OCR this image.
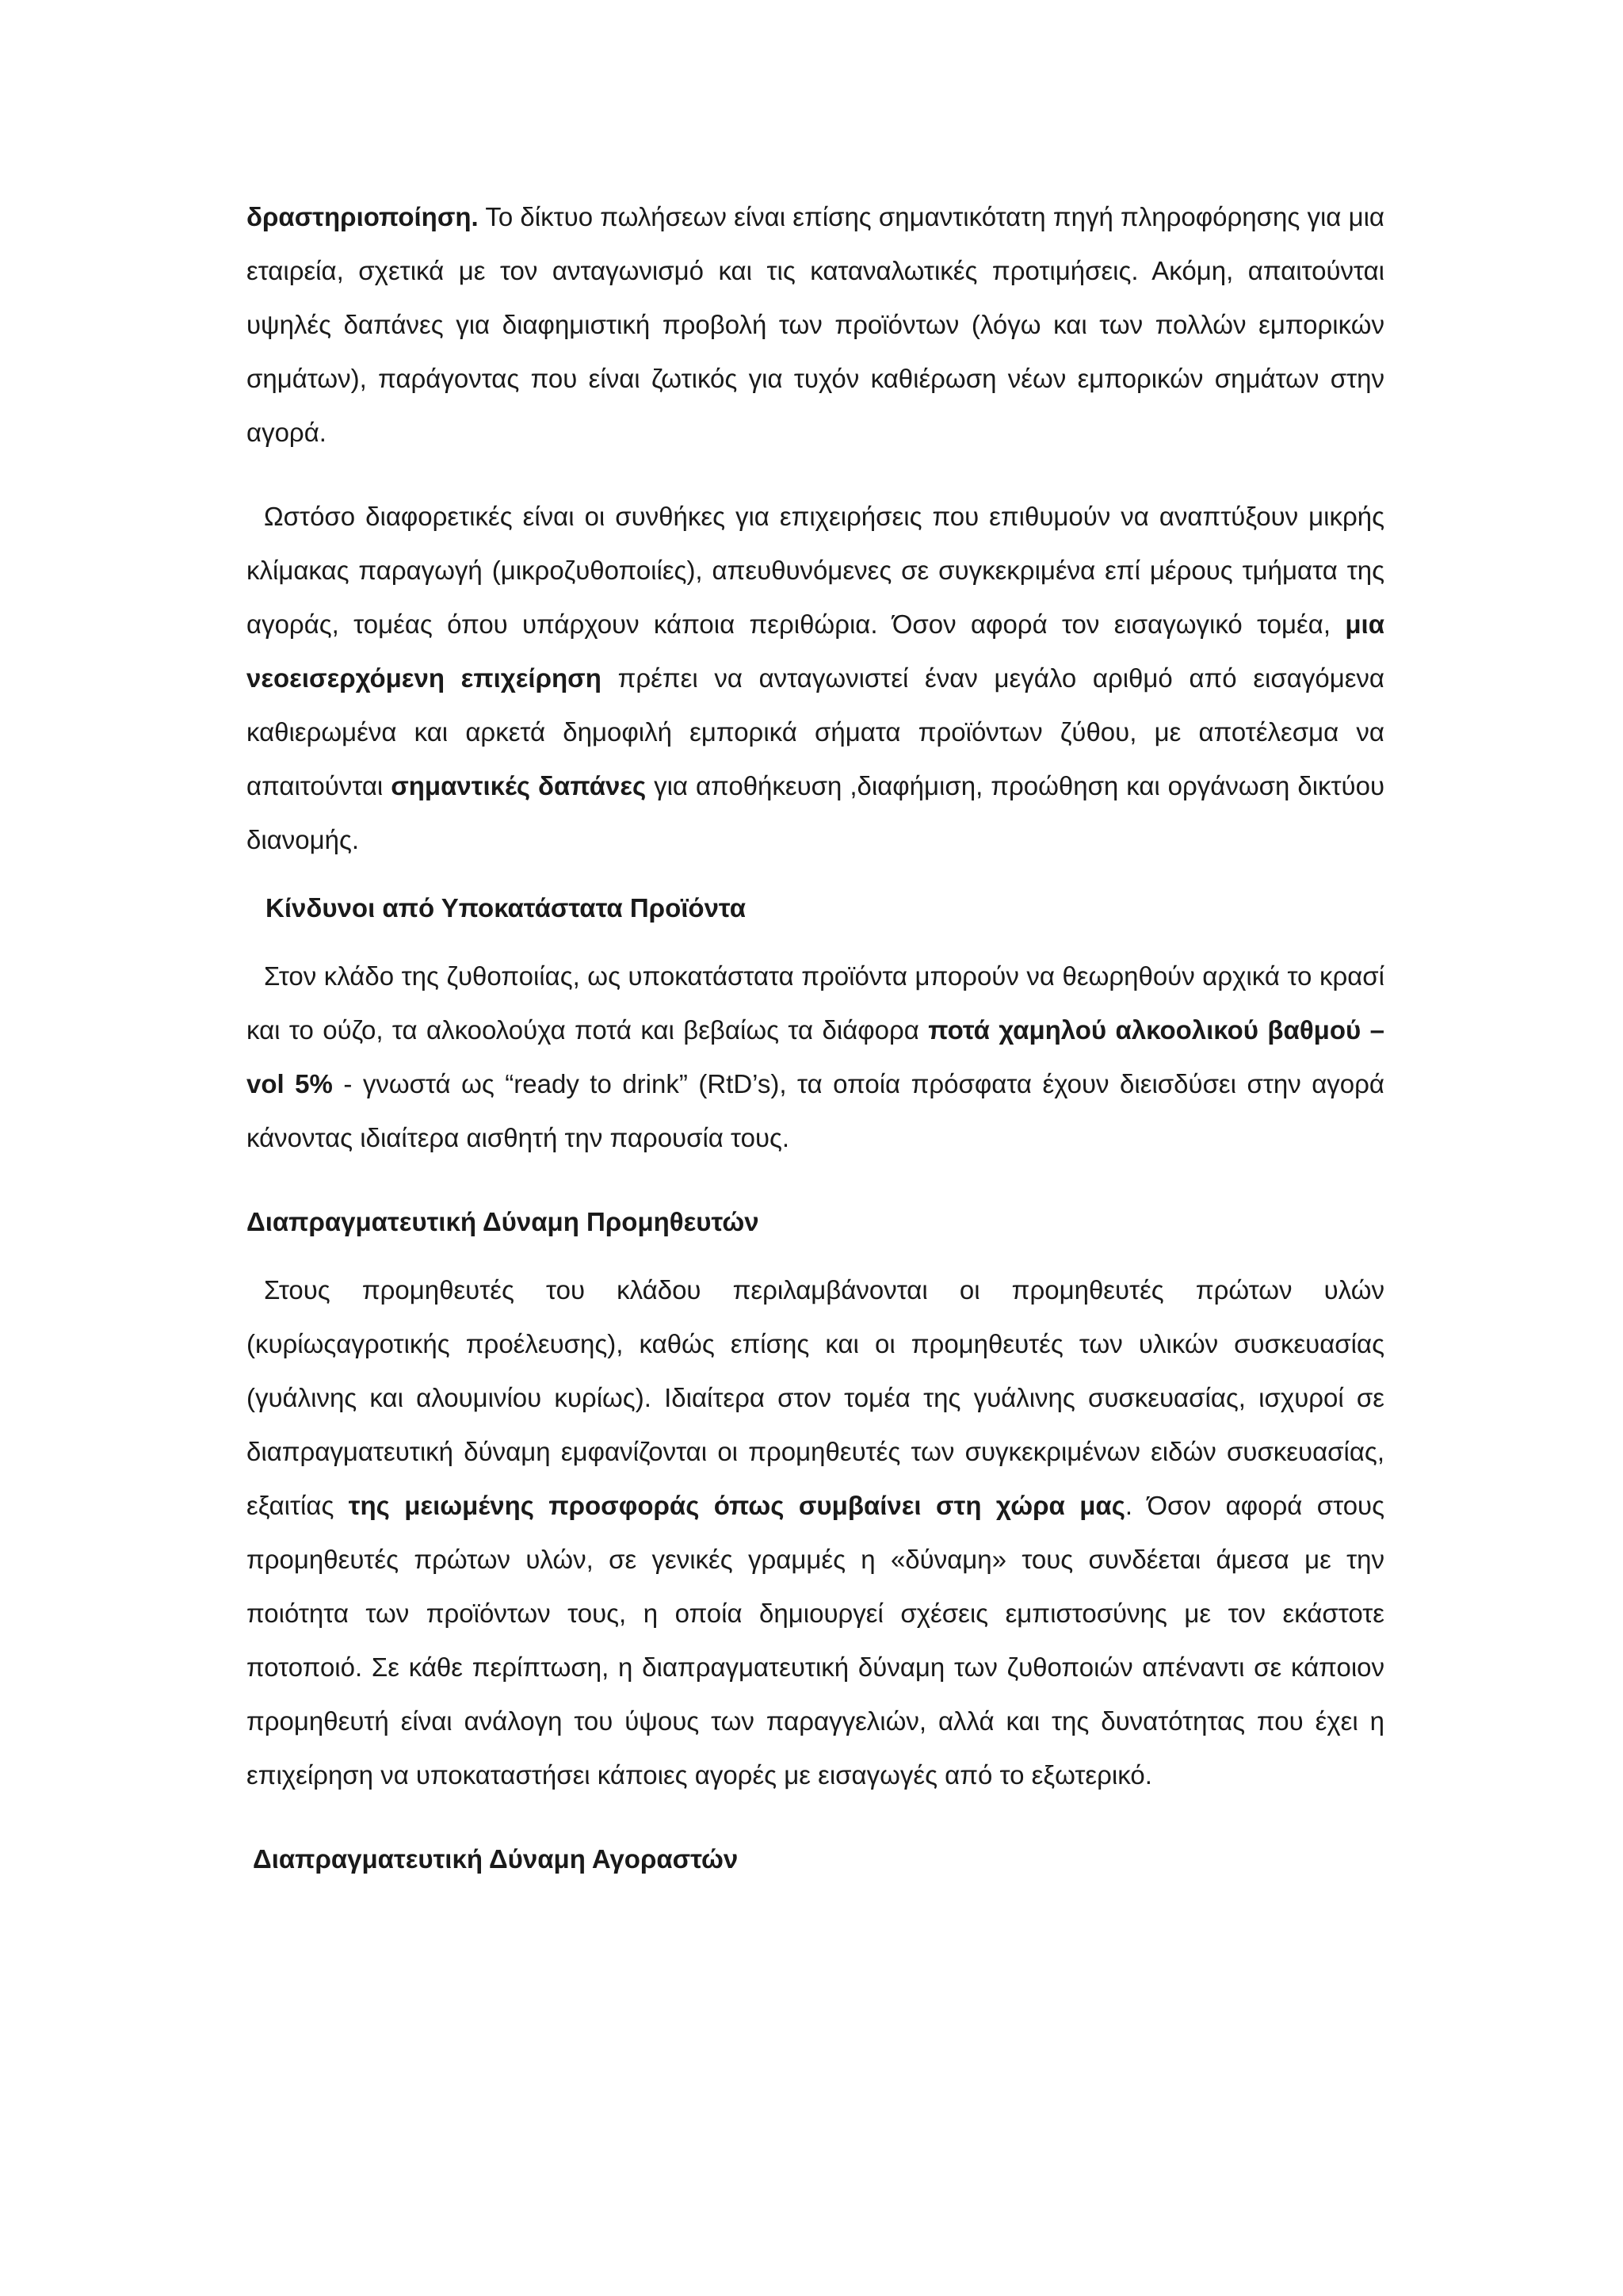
δραστηριοποίηση. Το δίκτυο πωλήσεων είναι επίσης σημαντικότατη πηγή πληροφόρησης για μια εταιρεία, σχετικά με τον ανταγωνισμό και τις καταναλωτικές προτιμήσεις. Ακόμη, απαιτούνται υψηλές δαπάνες για διαφημιστική προβολή των προϊόντων (λόγω και των πολλών εμπορικών σημάτων), παράγοντας που είναι ζωτικός για τυχόν καθιέρωση νέων εμπορικών σημάτων στην αγορά.

Ωστόσο διαφορετικές είναι οι συνθήκες για επιχειρήσεις που επιθυμούν να αναπτύξουν μικρής κλίμακας παραγωγή (μικροζυθοποιίες), απευθυνόμενες σε συγκεκριμένα επί μέρους τμήματα της αγοράς, τομέας όπου υπάρχουν κάποια περιθώρια. Όσον αφορά τον εισαγωγικό τομέα, μια νεοεισερχόμενη επιχείρηση πρέπει να ανταγωνιστεί έναν μεγάλο αριθμό από εισαγόμενα καθιερωμένα και αρκετά δημοφιλή εμπορικά σήματα προϊόντων ζύθου, με αποτέλεσμα να απαιτούνται σημαντικές δαπάνες για αποθήκευση ,διαφήμιση, προώθηση και οργάνωση δικτύου διανομής.

Κίνδυνοι από Υποκατάστατα Προϊόντα

Στον κλάδο της ζυθοποιίας, ως υποκατάστατα προϊόντα μπορούν να θεωρηθούν αρχικά το κρασί και το ούζο, τα αλκοολούχα ποτά και βεβαίως τα διάφορα ποτά χαμηλού αλκοολικού βαθμού – vol 5% - γνωστά ως “ready to drink” (RtD’s), τα οποία πρόσφατα έχουν διεισδύσει στην αγορά κάνοντας ιδιαίτερα αισθητή την παρουσία τους.

Διαπραγματευτική Δύναμη Προμηθευτών

Στους προμηθευτές του κλάδου περιλαμβάνονται οι προμηθευτές πρώτων υλών (κυρίωςαγροτικής προέλευσης), καθώς επίσης και οι προμηθευτές των υλικών συσκευασίας (γυάλινης και αλουμινίου κυρίως). Ιδιαίτερα στον τομέα της γυάλινης συσκευασίας, ισχυροί σε διαπραγματευτική δύναμη εμφανίζονται οι προμηθευτές των συγκεκριμένων ειδών συσκευασίας, εξαιτίας της μειωμένης προσφοράς όπως συμβαίνει στη χώρα μας. Όσον αφορά στους προμηθευτές πρώτων υλών, σε γενικές γραμμές η «δύναμη» τους συνδέεται άμεσα με την ποιότητα των προϊόντων τους, η οποία δημιουργεί σχέσεις εμπιστοσύνης με τον εκάστοτε ποτοποιό. Σε κάθε περίπτωση, η διαπραγματευτική δύναμη των ζυθοποιών απέναντι σε κάποιον προμηθευτή είναι ανάλογη του ύψους των παραγγελιών, αλλά και της δυνατότητας που έχει η επιχείρηση να υποκαταστήσει κάποιες αγορές με εισαγωγές από το εξωτερικό.

Διαπραγματευτική Δύναμη Αγοραστών
